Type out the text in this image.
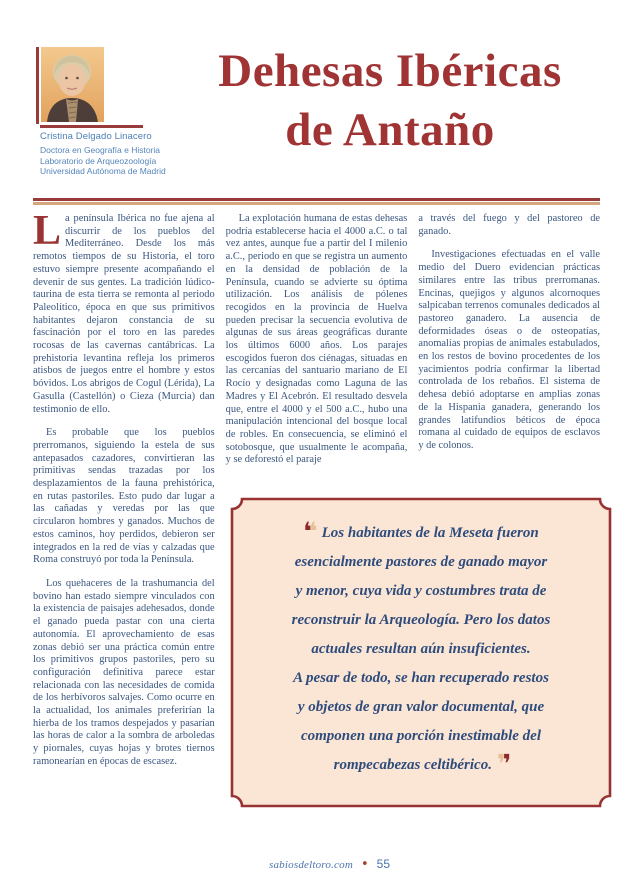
Cristina Delgado Linacero
Doctora en Geografía e Historia
Laboratorio de Arqueozoología
Universidad Autónoma de Madrid
Dehesas Ibéricas
de Antaño

La península Ibérica no fue ajena al discurrir de los pueblos del Mediterráneo. Desde los más remotos tiempos de su Historia, el toro estuvo siempre presente acompañando el devenir de sus gentes. La tradición lúdico-taurina de esta tierra se remonta al periodo Paleolítico, época en que sus primitivos habitantes dejaron constancia de su fascinación por el toro en las paredes rocosas de las cavernas cantábricas. La prehistoria levantina refleja los primeros atisbos de juegos entre el hombre y estos bóvidos. Los abrigos de Cogul (Lérida), La Gasulla (Castellón) o Cieza (Murcia) dan testimonio de ello.

Es probable que los pueblos prerromanos, siguiendo la estela de sus antepasados cazadores, convirtieran las primitivas sendas trazadas por los desplazamientos de la fauna prehistórica, en rutas pastoriles. Esto pudo dar lugar a las cañadas y veredas por las que circularon hombres y ganados. Muchos de estos caminos, hoy perdidos, debieron ser integrados en la red de vías y calzadas que Roma construyó por toda la Península.

Los quehaceres de la trashumancia del bovino han estado siempre vinculados con la existencia de paisajes adehesados, donde el ganado pueda pastar con una cierta autonomía. El aprovechamiento de esas zonas debió ser una práctica común entre los primitivos grupos pastoriles, pero su configuración definitiva parece estar relacionada con las necesidades de comida de los herbívoros salvajes. Como ocurre en la actualidad, los animales preferirían la hierba de los tramos despejados y pasarían las horas de calor a la sombra de arboledas y piornales, cuyas hojas y brotes tiernos ramonearían en épocas de escasez.

La explotación humana de estas dehesas podría establecerse hacia el 4000 a.C. o tal vez antes, aunque fue a partir del I milenio a.C., periodo en que se registra un aumento en la densidad de población de la Península, cuando se advierte su óptima utilización. Los análisis de pólenes recogidos en la provincia de Huelva pueden precisar la secuencia evolutiva de algunas de sus áreas geográficas durante los últimos 6000 años. Los parajes escogidos fueron dos ciénagas, situadas en las cercanías del santuario mariano de El Rocío y designadas como Laguna de las Madres y El Acebrón. El resultado desvela que, entre el 4000 y el 500 a.C., hubo una manipulación intencional del bosque local de robles. En consecuencia, se eliminó el sotobosque, que usualmente le acompaña, y se deforestó el paraje

a través del fuego y del pastoreo de ganado.

Investigaciones efectuadas en el valle medio del Duero evidencian prácticas similares entre las tribus prerromanas. Encinas, quejigos y algunos alcornoques salpicaban terrenos comunales dedicados al pastoreo ganadero. La ausencia de deformidades óseas o de osteopatías, anomalías propias de animales estabulados, en los restos de bovino procedentes de los yacimientos podría confirmar la libertad controlada de los rebaños. El sistema de dehesa debió adoptarse en amplias zonas de la Hispania ganadera, generando los grandes latifundios béticos de época romana al cuidado de equipos de esclavos y de colonos.

❛❛ Los habitantes de la Meseta fueron
esencialmente pastores de ganado mayor
y menor, cuya vida y costumbres trata de
reconstruir la Arqueología. Pero los datos
actuales resultan aún insuficientes.
A pesar de todo, se han recuperado restos
y objetos de gran valor documental, que
componen una porción inestimable del
rompecabezas celtibérico. ❜❜
sabiosdeltoro.com • 55
